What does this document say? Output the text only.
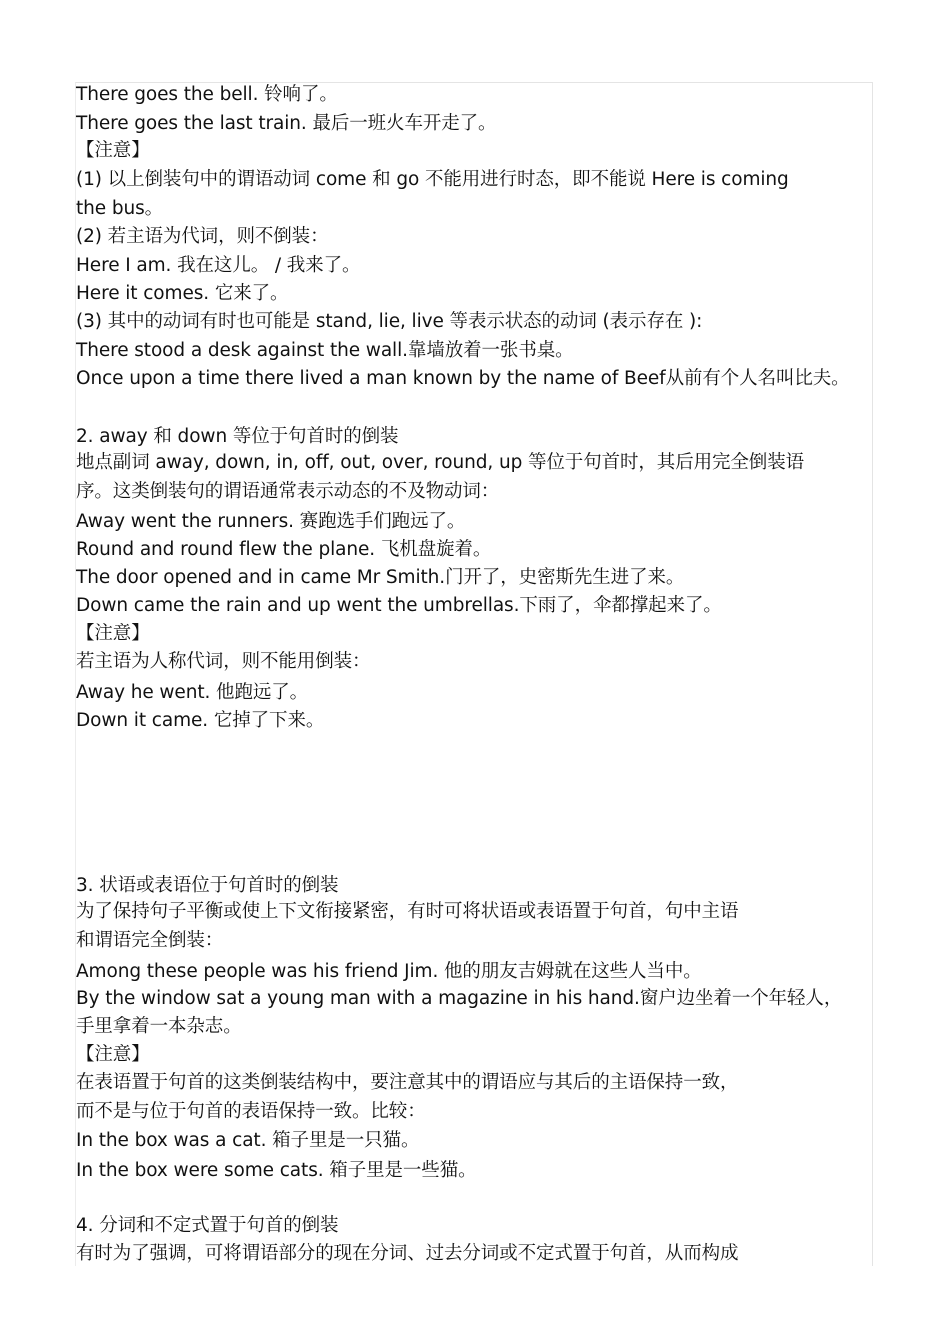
There goes the bell. 铃响了。
There goes the last train. 最后一班火车开走了。
【注意】
(1) 以上倒装句中的谓语动词 come 和 go 不能用进行时态，即不能说 Here is coming
the bus。
(2) 若主语为代词，则不倒装：
Here I am. 我在这儿。 / 我来了。
Here it comes. 它来了。
(3) 其中的动词有时也可能是 stand, lie, live 等表示状态的动词 (表示存在 ):
There stood a desk against the wall.靠墙放着一张书桌。
Once upon a time there lived a man known by the name of Beef从前有个人名叫比夫。
2. away 和 down 等位于句首时的倒装
地点副词 away, down, in, off, out, over, round, up 等位于句首时，其后用完全倒装语
序。这类倒装句的谓语通常表示动态的不及物动词：
Away went the runners. 赛跑选手们跑远了。
Round and round flew the plane. 飞机盘旋着。
The door opened and in came Mr Smith.门开了，史密斯先生进了来。
Down came the rain and up went the umbrellas.下雨了，伞都撑起来了。
【注意】
若主语为人称代词，则不能用倒装：
Away he went. 他跑远了。
Down it came. 它掉了下来。
3. 状语或表语位于句首时的倒装
为了保持句子平衡或使上下文衔接紧密，有时可将状语或表语置于句首，句中主语
和谓语完全倒装：
Among these people was his friend Jim. 他的朋友吉姆就在这些人当中。
By the window sat a young man with a magazine in his hand.窗户边坐着一个年轻人，
手里拿着一本杂志。
【注意】
在表语置于句首的这类倒装结构中，要注意其中的谓语应与其后的主语保持一致，
而不是与位于句首的表语保持一致。比较：
In the box was a cat. 箱子里是一只猫。
In the box were some cats. 箱子里是一些猫。
4. 分词和不定式置于句首的倒装
有时为了强调，可将谓语部分的现在分词、过去分词或不定式置于句首，从而构成
